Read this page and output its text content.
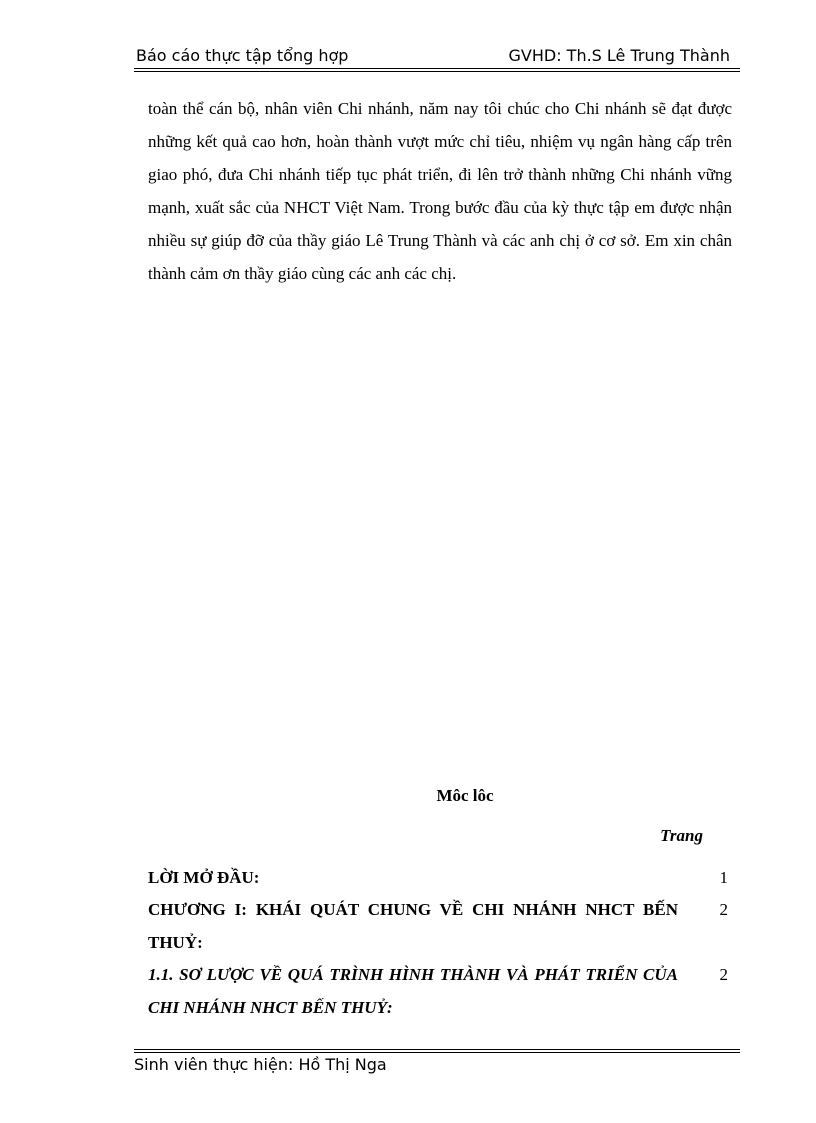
Báo cáo thực tập tổng hợp	GVHD: Th.S Lê Trung Thành

toàn thể cán bộ, nhân viên Chi nhánh, năm nay tôi chúc cho Chi nhánh sẽ đạt được những kết quả cao hơn, hoàn thành vượt mức chỉ tiêu, nhiệm vụ ngân hàng cấp trên giao phó, đưa Chi nhánh tiếp tục phát triển, đi lên trở thành những Chi nhánh vững mạnh, xuất sắc của NHCT Việt Nam. Trong bước đầu của kỳ thực tập em được nhận nhiều sự giúp đỡ của thầy giáo Lê Trung Thành và các anh chị ở cơ sở. Em xin chân thành cảm ơn thầy giáo cùng các anh các chị.

Môc lôc
Trang
LỜI MỞ ĐẦU:	1
CHƯƠNG I: KHÁI QUÁT CHUNG VỀ CHI NHÁNH NHCT BẾN THUỶ:
2
1.1. SƠ LƯỢC VỀ QUÁ TRÌNH HÌNH THÀNH VÀ PHÁT TRIỂN CỦA CHI NHÁNH NHCT BẾN THUỶ:
2
Sinh viên thực hiện: Hồ Thị Nga
